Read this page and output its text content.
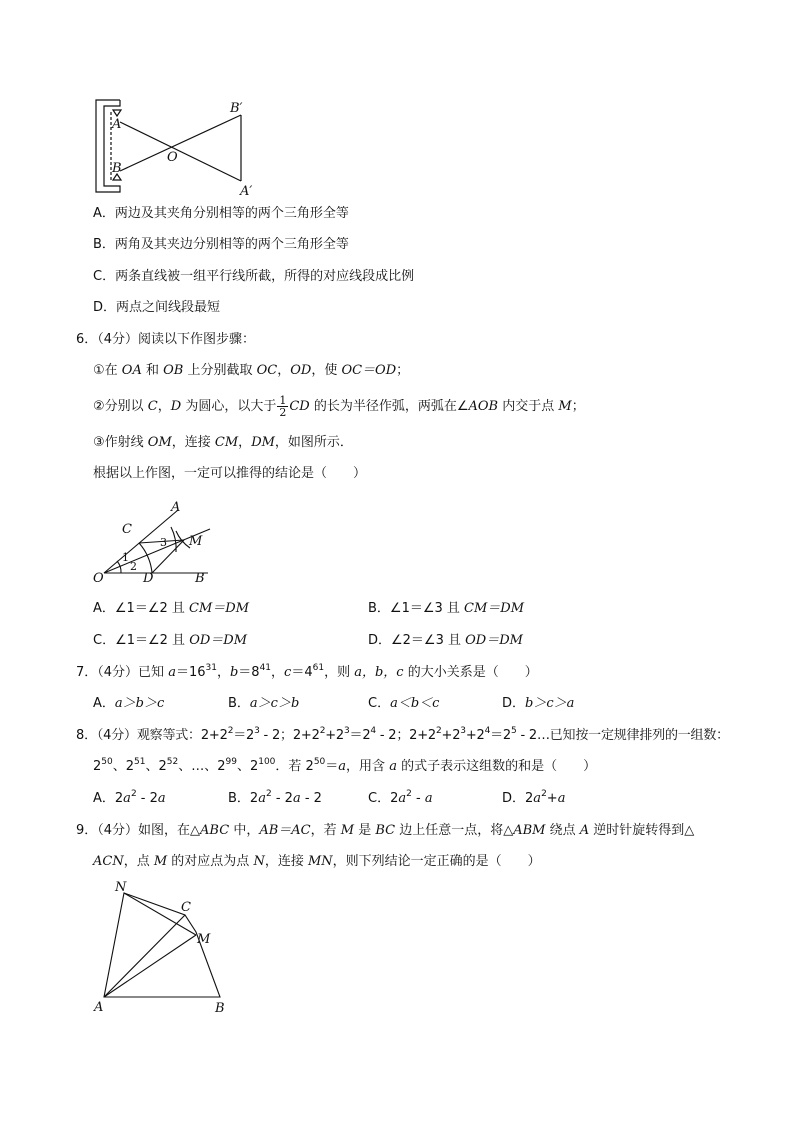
A
B
O
B′
A′
A．两边及其夹角分别相等的两个三角形全等
B．两角及其夹边分别相等的两个三角形全等
C．两条直线被一组平行线所截，所得的对应线段成比例
D．两点之间线段最短
6．（4分）阅读以下作图步骤：
①在 OA 和 OB 上分别截取 OC，OD，使 OC＝OD；
②分别以 C，D 为圆心，以大于 $\frac{1}{2}$ CD 的长为半径作弧，两弧在∠AOB 内交于点 M；
③作射线 OM，连接 CM，DM，如图所示．
根据以上作图，一定可以推得的结论是（　　）
A
B
C
D
O
M
1
2
3
A．∠1＝∠2 且 CM＝DM	B．∠1＝∠3 且 CM＝DM
C．∠1＝∠2 且 OD＝DM	D．∠2＝∠3 且 OD＝DM
7．（4分）已知 $a=16^{31}$，$b=8^{41}$，$c=4^{61}$，则 a，b，c 的大小关系是（　　）
A．a＞b＞c	B．a＞c＞b	C．a＜b＜c	D．b＞c＞a
8．（4分）观察等式：$2+2^2=2^3 - 2$；$2+2^2+2^3=2^4 - 2$；$2+2^2+2^3+2^4=2^5$ - 2…已知按一定规律排列的一组数：
$2^{50}$、$2^{51}$、$2^{52}$、…、$2^{99}$、$2^{100}$．若 $2^{50}=a$，用含 a 的式子表示这组数的和是（　　）
A．$2a^2 - 2a$	B．$2a^2 - 2a - 2$	C．$2a^2$ - a	D．$2a^2+a$
9．（4分）如图，在△ABC 中，AB＝AC，若 M 是 BC 边上任意一点，将△ABM 绕点 A 逆时针旋转得到△
ACN，点 M 的对应点为点 N，连接 MN，则下列结论一定正确的是（　　）
N
C
M
A	B
